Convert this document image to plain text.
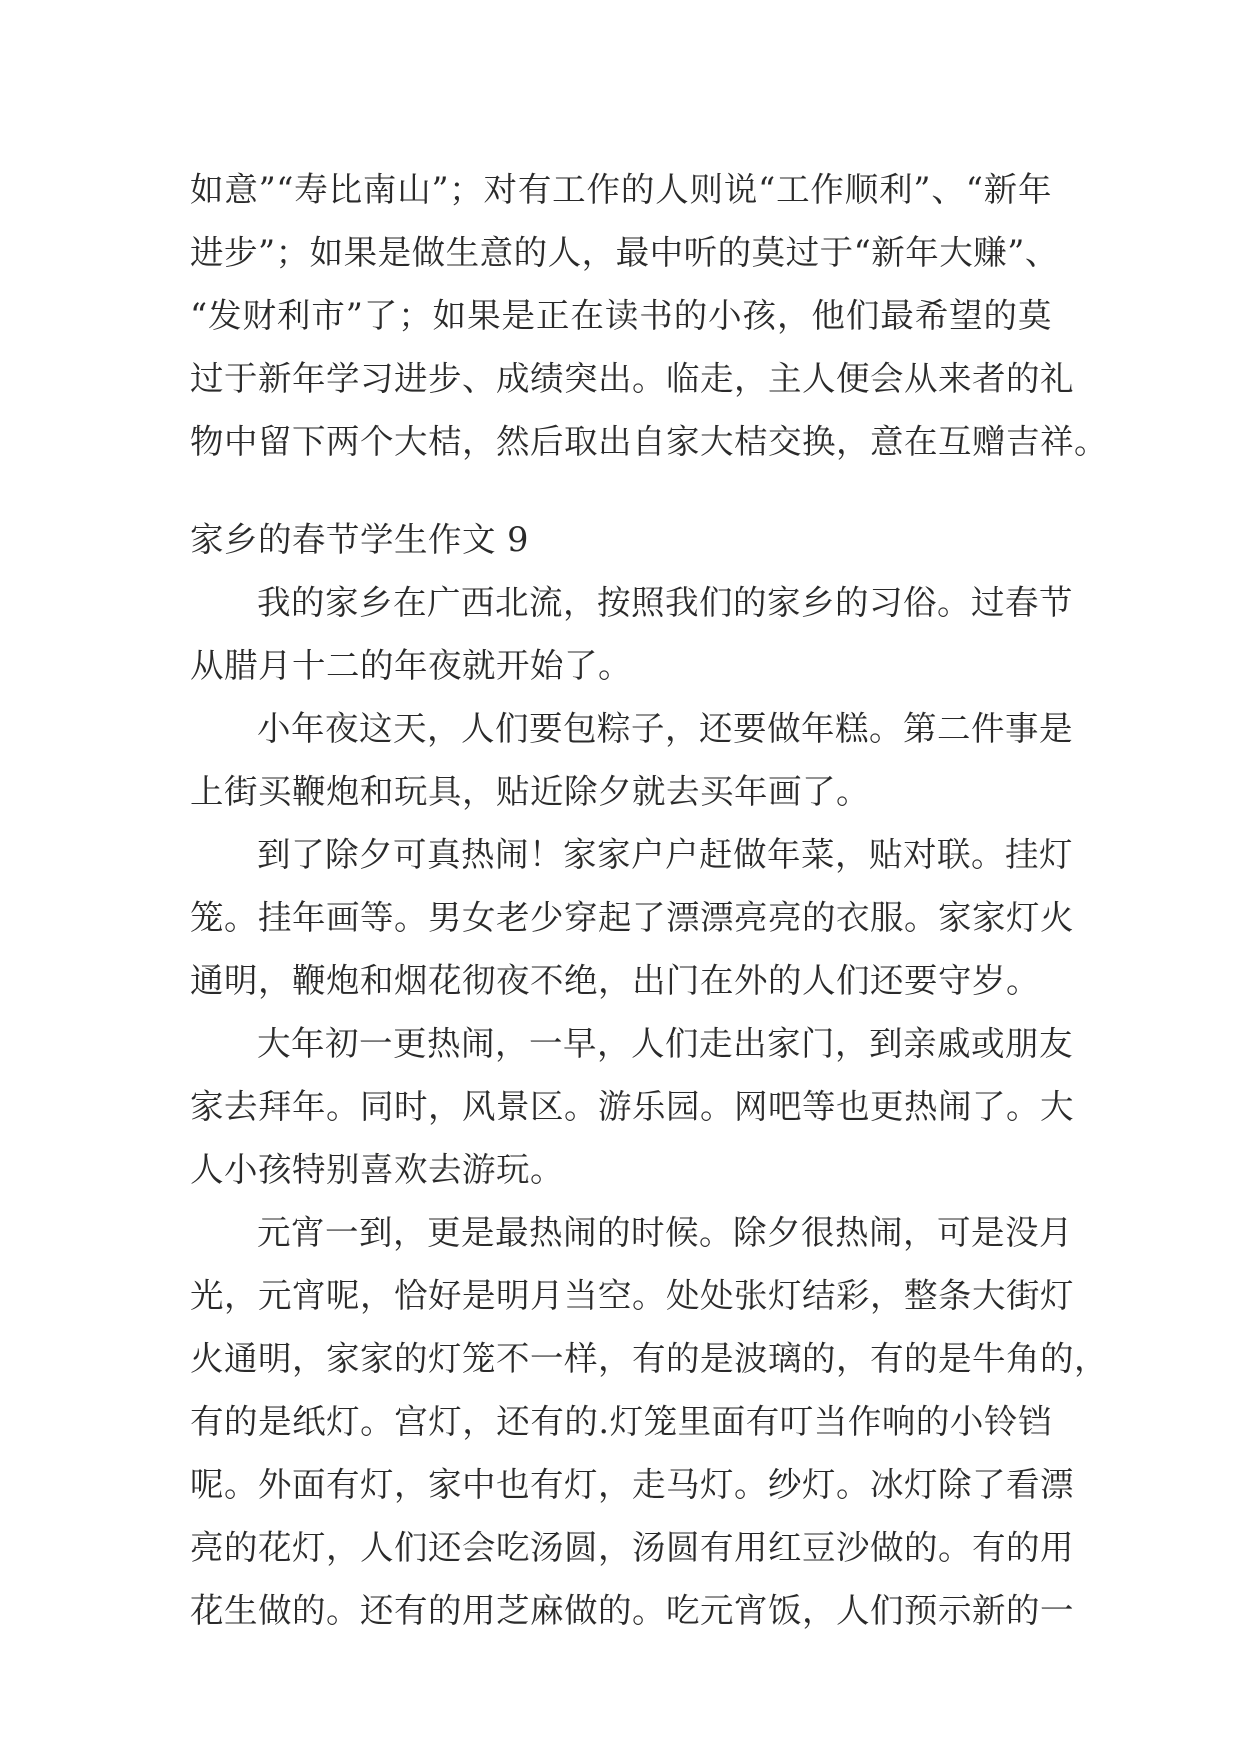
如意”“寿比南山”；对有工作的人则说“工作顺利”、“新年
进步”；如果是做生意的人，最中听的莫过于“新年大赚”、
“发财利市”了；如果是正在读书的小孩，他们最希望的莫
过于新年学习进步、成绩突出。临走，主人便会从来者的礼
物中留下两个大桔，然后取出自家大桔交换，意在互赠吉祥。
家乡的春节学生作文 9
我的家乡在广西北流，按照我们的家乡的习俗。过春节
从腊月十二的年夜就开始了。
小年夜这天，人们要包粽子，还要做年糕。第二件事是
上街买鞭炮和玩具，贴近除夕就去买年画了。
到了除夕可真热闹！家家户户赶做年菜，贴对联。挂灯
笼。挂年画等。男女老少穿起了漂漂亮亮的衣服。家家灯火
通明，鞭炮和烟花彻夜不绝，出门在外的人们还要守岁。
大年初一更热闹，一早，人们走出家门，到亲戚或朋友
家去拜年。同时，风景区。游乐园。网吧等也更热闹了。大
人小孩特别喜欢去游玩。
元宵一到，更是最热闹的时候。除夕很热闹，可是没月
光，元宵呢，恰好是明月当空。处处张灯结彩，整条大街灯
火通明，家家的灯笼不一样，有的是波璃的，有的是牛角的，
有的是纸灯。宫灯，还有的.灯笼里面有叮当作响的小铃铛
呢。外面有灯，家中也有灯，走马灯。纱灯。冰灯除了看漂
亮的花灯，人们还会吃汤圆，汤圆有用红豆沙做的。有的用
花生做的。还有的用芝麻做的。吃元宵饭，人们预示新的一
